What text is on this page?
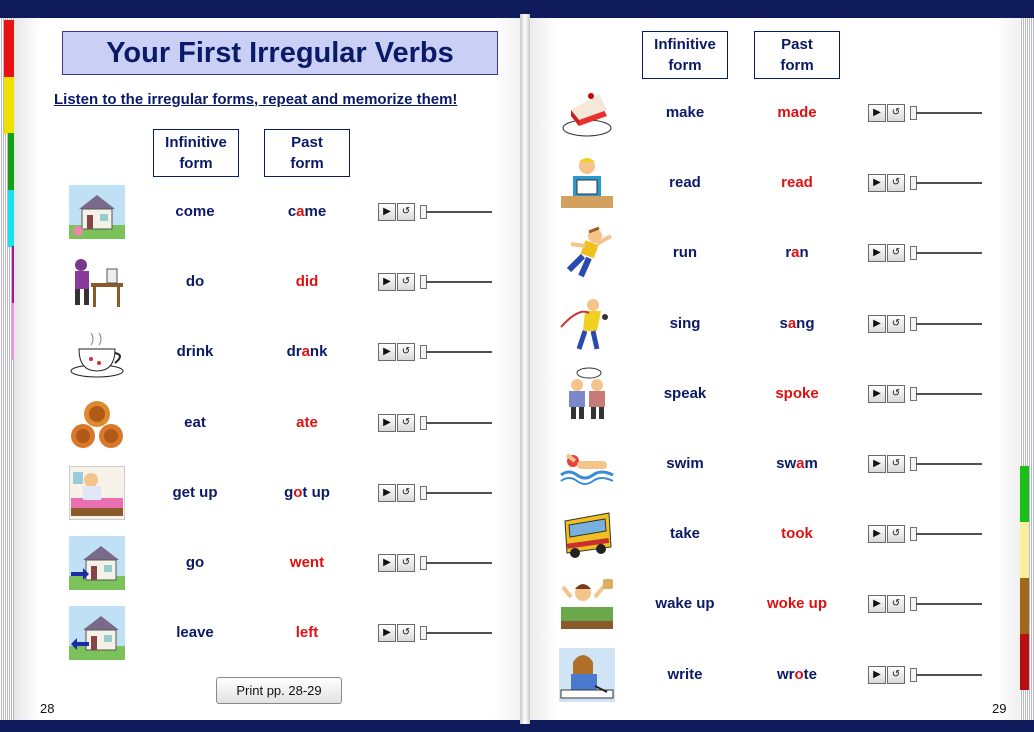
Your First Irregular Verbs
Listen to the irregular forms, repeat and memorize them!
Infinitive
form
Past
form
Infinitive
form
Past
form
come	came	▶	↺
do	did	▶	↺
drink	drank	▶	↺
eat	ate	▶	↺
get up	got up	▶	↺
go	went	▶	↺
leave	left	▶	↺
make	made	▶	↺
read	read	▶	↺
run	ran	▶	↺
sing	sang	▶	↺
speak	spoke	▶	↺
swim	swam	▶	↺
take	took	▶	↺
wake up	woke up	▶	↺
write	wrote	▶	↺
Print pp. 28-29
28	29
